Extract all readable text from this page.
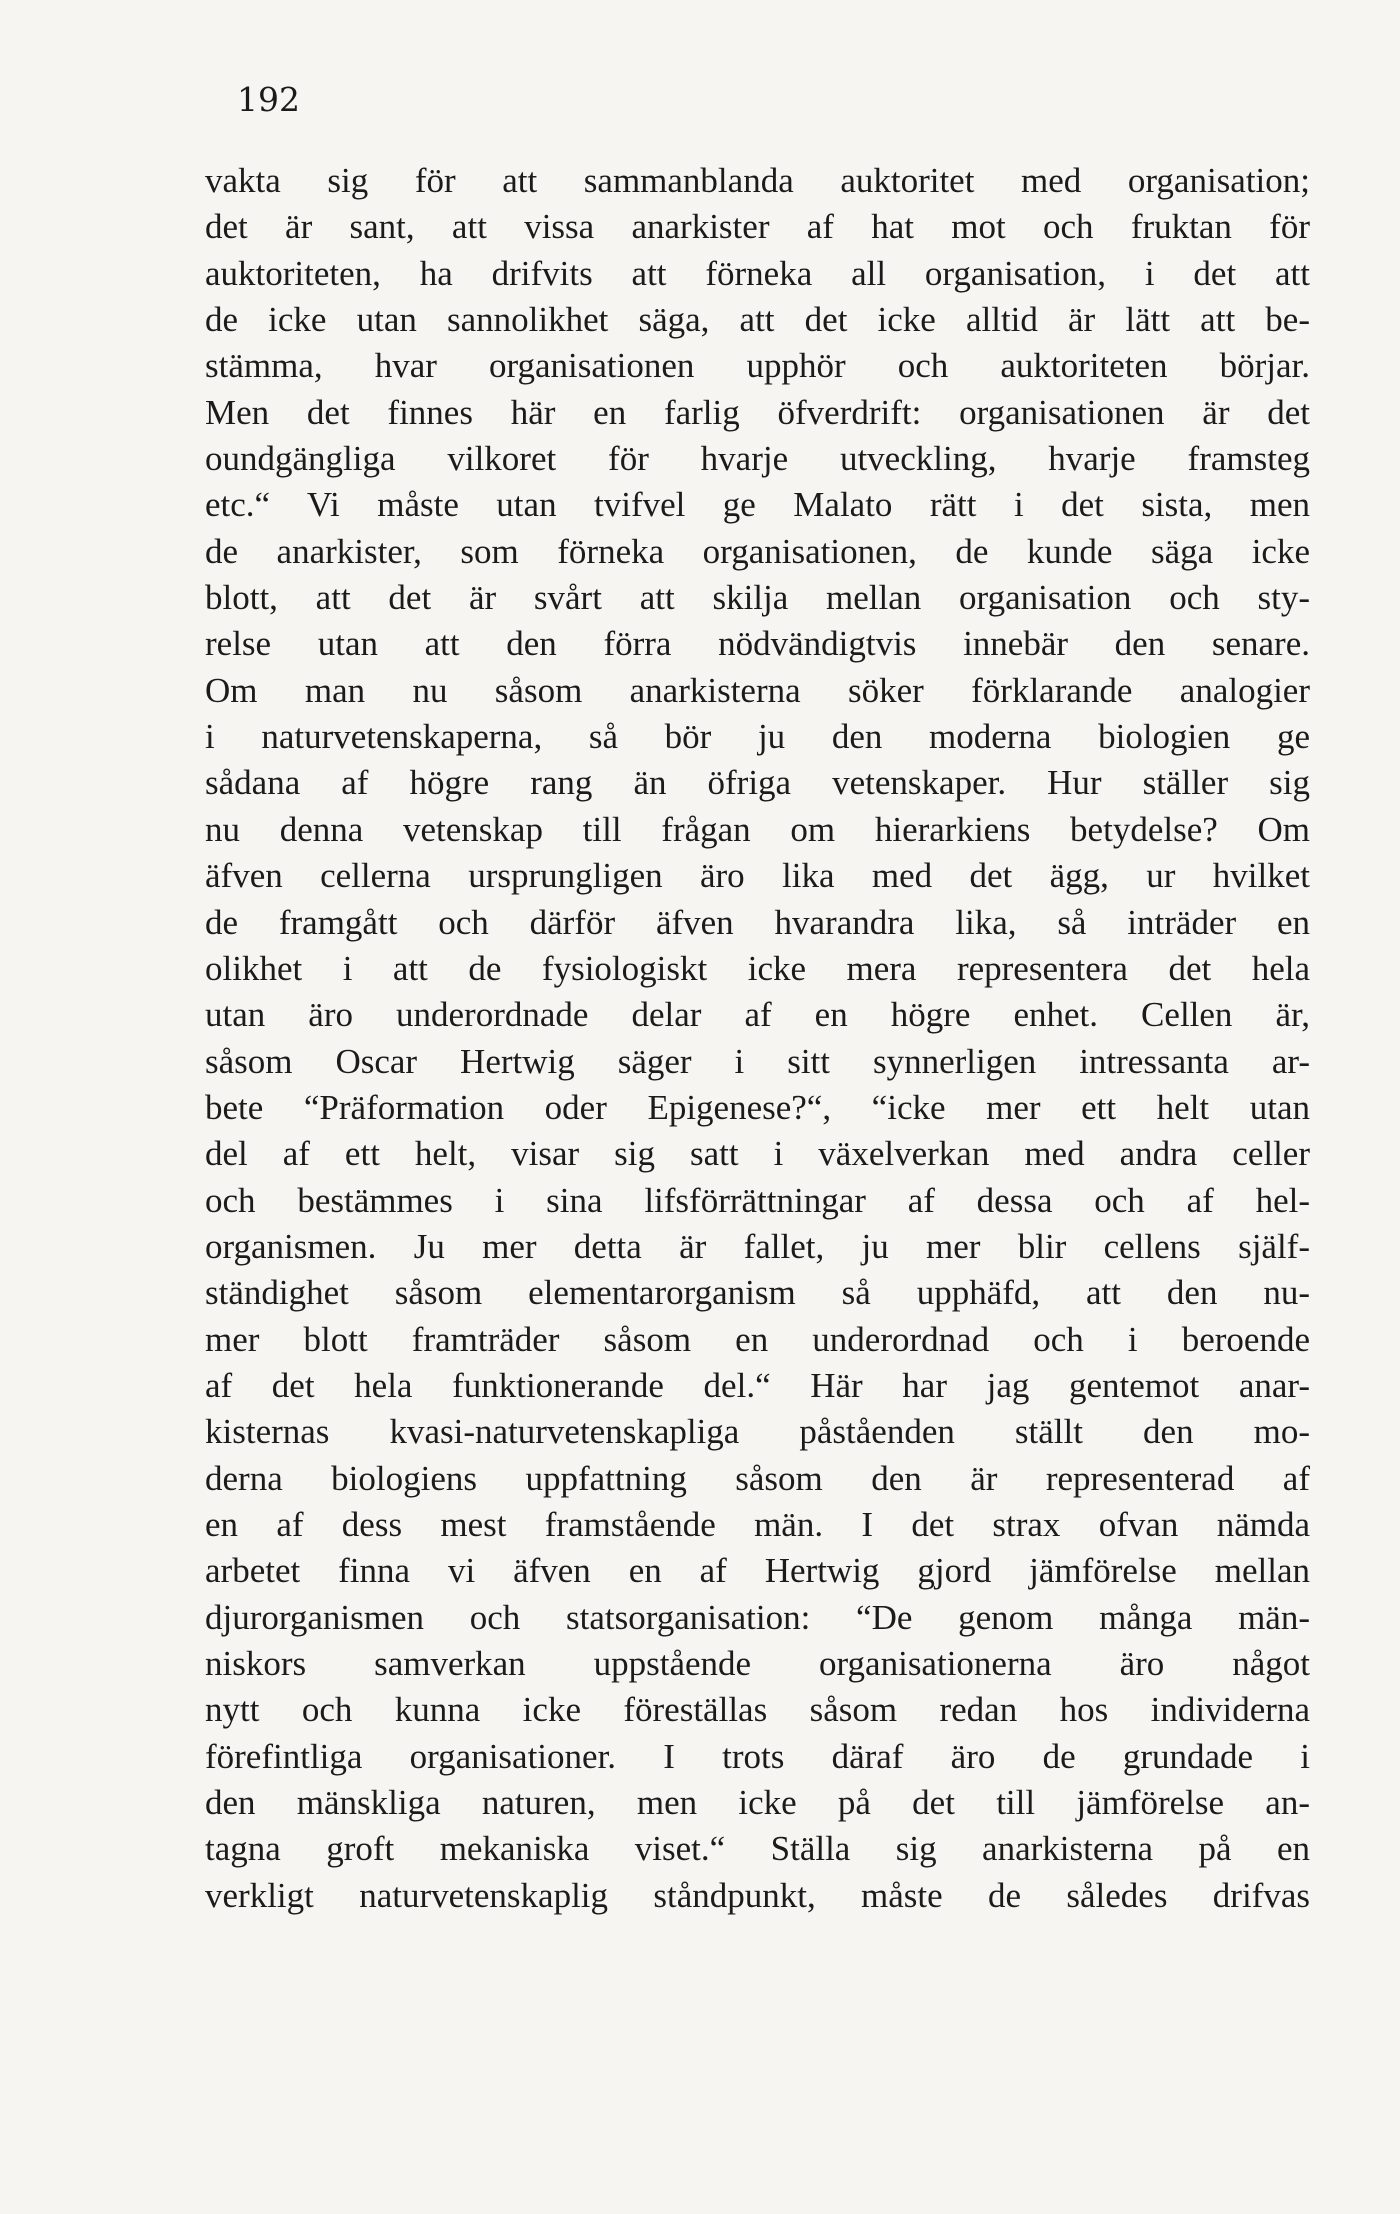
192
vakta sig för att sammanblanda auktoritet med organisation;
det är sant, att vissa anarkister af hat mot och fruktan för
auktoriteten, ha drifvits att förneka all organisation, i det att
de icke utan sannolikhet säga, att det icke alltid är lätt att be-
stämma, hvar organisationen upphör och auktoriteten börjar.
Men det finnes här en farlig öfverdrift: organisationen är det
oundgängliga vilkoret för hvarje utveckling, hvarje framsteg
etc.“ Vi måste utan tvifvel ge Malato rätt i det sista, men
de anarkister, som förneka organisationen, de kunde säga icke
blott, att det är svårt att skilja mellan organisation och sty-
relse utan att den förra nödvändigtvis innebär den senare.
Om man nu såsom anarkisterna söker förklarande analogier
i naturvetenskaperna, så bör ju den moderna biologien ge
sådana af högre rang än öfriga vetenskaper. Hur ställer sig
nu denna vetenskap till frågan om hierarkiens betydelse? Om
äfven cellerna ursprungligen äro lika med det ägg, ur hvilket
de framgått och därför äfven hvarandra lika, så inträder en
olikhet i att de fysiologiskt icke mera representera det hela
utan äro underordnade delar af en högre enhet. Cellen är,
såsom Oscar Hertwig säger i sitt synnerligen intressanta ar-
bete “Präformation oder Epigenese?“, “icke mer ett helt utan
del af ett helt, visar sig satt i växelverkan med andra celler
och bestämmes i sina lifsförrättningar af dessa och af hel-
organismen. Ju mer detta är fallet, ju mer blir cellens själf-
ständighet såsom elementarorganism så upphäfd, att den nu-
mer blott framträder såsom en underordnad och i beroende
af det hela funktionerande del.“ Här har jag gentemot anar-
kisternas kvasi-naturvetenskapliga påståenden ställt den mo-
derna biologiens uppfattning såsom den är representerad af
en af dess mest framstående män. I det strax ofvan nämda
arbetet finna vi äfven en af Hertwig gjord jämförelse mellan
djurorganismen och statsorganisation: “De genom många män-
niskors samverkan uppstående organisationerna äro något
nytt och kunna icke föreställas såsom redan hos individerna
förefintliga organisationer. I trots däraf äro de grundade i
den mänskliga naturen, men icke på det till jämförelse an-
tagna groft mekaniska viset.“ Ställa sig anarkisterna på en
verkligt naturvetenskaplig ståndpunkt, måste de således drifvas
